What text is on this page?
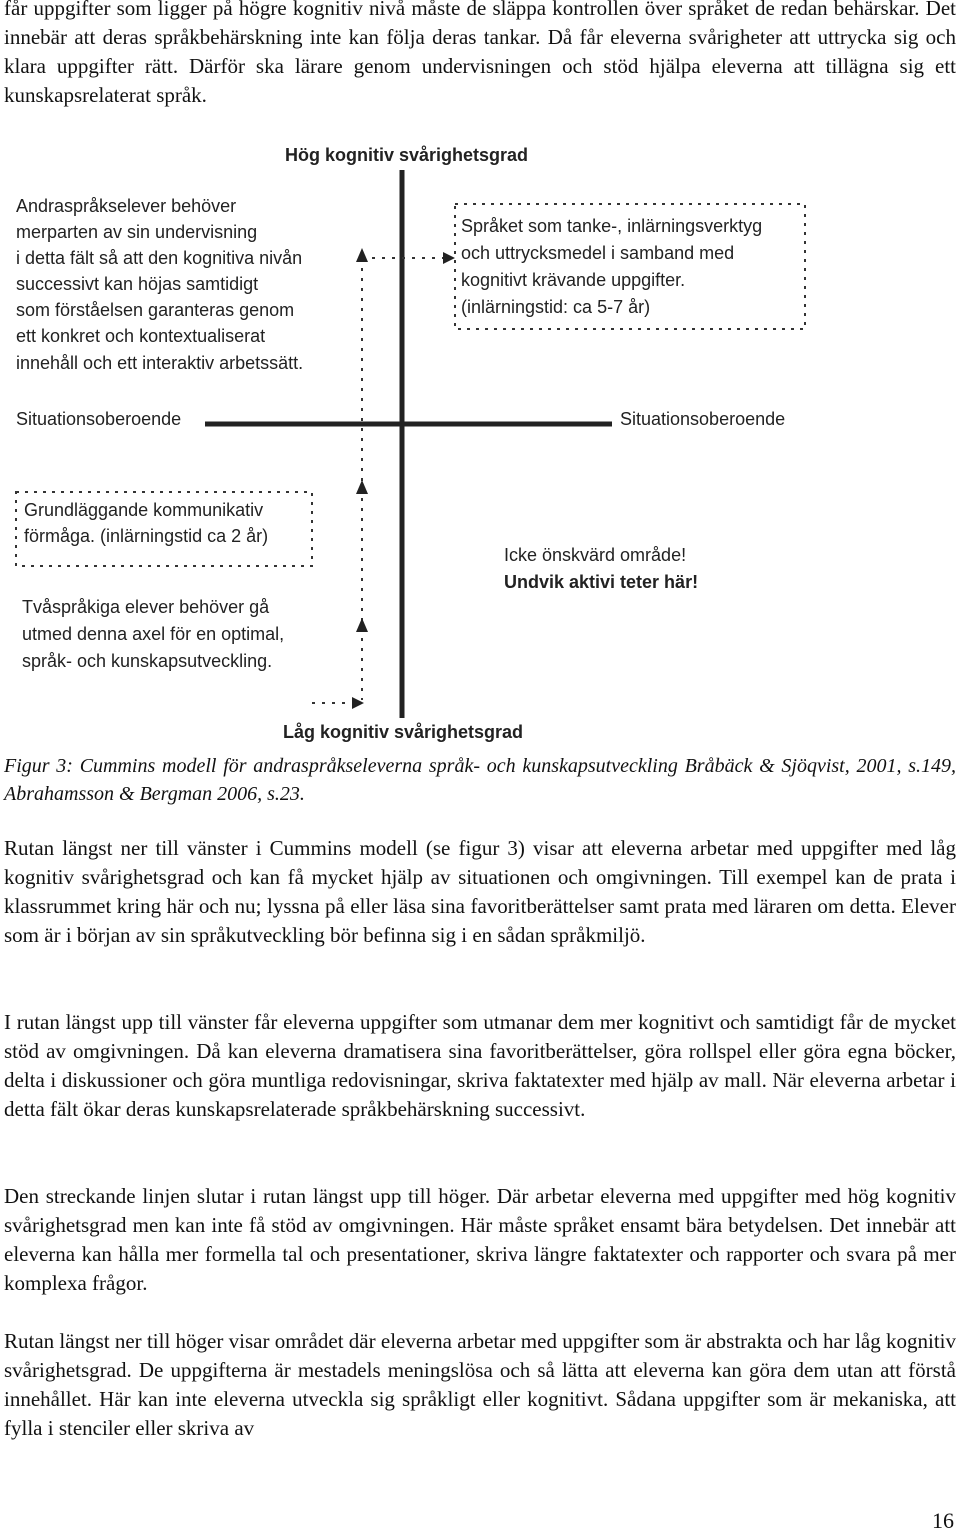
får uppgifter som ligger på högre kognitiv nivå måste de släppa kontrollen över språket de redan behärskar. Det innebär att deras språkbehärskning inte kan följa deras tankar. Då får eleverna svårigheter att uttrycka sig och klara uppgifter rätt. Därför ska lärare genom undervisningen och stöd hjälpa eleverna att tillägna sig ett kunskapsrelaterat språk.

Hög kognitiv svårighetsgrad
Andraspråkselever behöver
merparten av sin undervisning
i detta fält så att den kognitiva nivån
successivt kan höjas samtidigt
som förståelsen garanteras genom
ett konkret och kontextualiserat
innehåll och ett interaktiv arbetssätt.
Språket som tanke-, inlärningsverktyg
och uttrycksmedel i samband med
kognitivt krävande uppgifter.
(inlärningstid: ca 5-7 år)
Situationsoberoende	Situationsoberoende
Grundläggande kommunikativ
förmåga. (inlärningstid ca 2 år)
Tvåspråkiga elever behöver gå
utmed denna axel för en optimal,
språk- och kunskapsutveckling.
Icke önskvärd område!
Undvik aktivi teter här!
Låg kognitiv svårighetsgrad

Figur 3: Cummins modell för andraspråkseleverna språk- och kunskapsutveckling Bråbäck & Sjöqvist, 2001, s.149, Abrahamsson & Bergman 2006, s.23.

Rutan längst ner till vänster i Cummins modell (se figur 3) visar att eleverna arbetar med uppgifter med låg kognitiv svårighetsgrad och kan få mycket hjälp av situationen och omgivningen. Till exempel kan de prata i klassrummet kring här och nu; lyssna på eller läsa sina favoritberättelser samt prata med läraren om detta. Elever som är i början av sin språkutveckling bör befinna sig i en sådan språkmiljö.

I rutan längst upp till vänster får eleverna uppgifter som utmanar dem mer kognitivt och samtidigt får de mycket stöd av omgivningen. Då kan eleverna dramatisera sina favoritberättelser, göra rollspel eller göra egna böcker, delta i diskussioner och göra muntliga redovisningar, skriva faktatexter med hjälp av mall. När eleverna arbetar i detta fält ökar deras kunskapsrelaterade språkbehärskning successivt.

Den streckande linjen slutar i rutan längst upp till höger. Där arbetar eleverna med uppgifter med hög kognitiv svårighetsgrad men kan inte få stöd av omgivningen. Här måste språket ensamt bära betydelsen. Det innebär att eleverna kan hålla mer formella tal och presentationer, skriva längre faktatexter och rapporter och svara på mer komplexa frågor.

Rutan längst ner till höger visar området där eleverna arbetar med uppgifter som är abstrakta och har låg kognitiv svårighetsgrad. De uppgifterna är mestadels meningslösa och så lätta att eleverna kan göra dem utan att förstå innehållet. Här kan inte eleverna utveckla sig språkligt eller kognitivt. Sådana uppgifter som är mekaniska, att fylla i stenciler eller skriva av

16
